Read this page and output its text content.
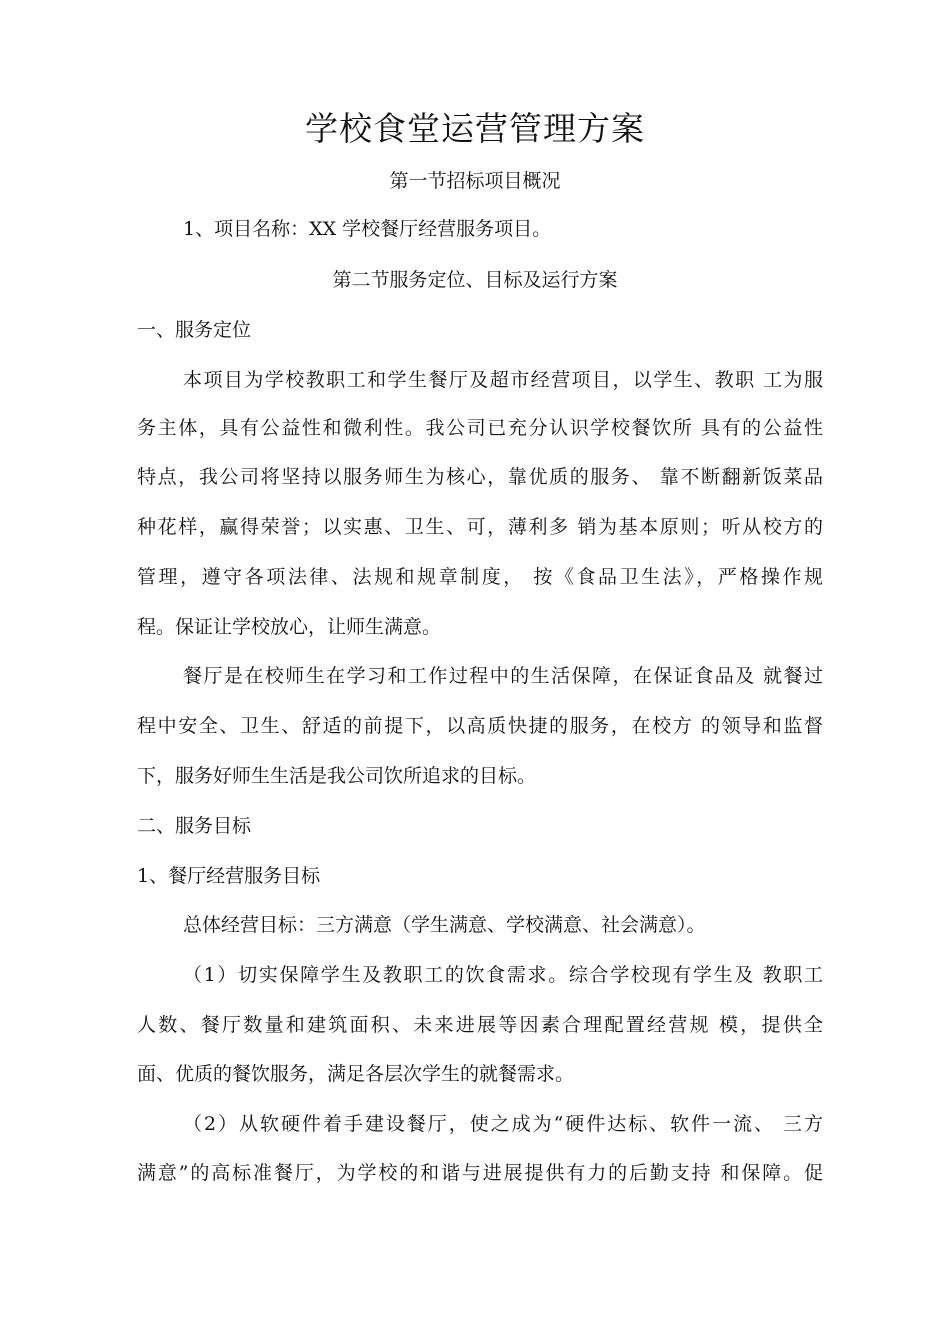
学校食堂运营管理方案
第一节招标项目概况

1、项目名称：XX 学校餐厅经营服务项目。

第二节服务定位、目标及运行方案

一、服务定位

本项目为学校教职工和学生餐厅及超市经营项目，以学生、教职 工为服

务主体，具有公益性和微利性。我公司已充分认识学校餐饮所 具有的公益性

特点，我公司将坚持以服务师生为核心，靠优质的服务、 靠不断翻新饭菜品

种花样，赢得荣誉；以实惠、卫生、可，薄利多 销为基本原则；听从校方的

管理，遵守各项法律、法规和规章制度， 按《食品卫生法》，严格操作规

程。保证让学校放心，让师生满意。

餐厅是在校师生在学习和工作过程中的生活保障，在保证食品及 就餐过

程中安全、卫生、舒适的前提下，以高质快捷的服务，在校方 的领导和监督

下，服务好师生生活是我公司饮所追求的目标。

二、服务目标

1、餐厅经营服务目标

总体经营目标：三方满意（学生满意、学校满意、社会满意）。

（1）切实保障学生及教职工的饮食需求。综合学校现有学生及 教职工

人数、餐厅数量和建筑面积、未来进展等因素合理配置经营规 模，提供全

面、优质的餐饮服务，满足各层次学生的就餐需求。

（2）从软硬件着手建设餐厅，使之成为“硬件达标、软件一流、 三方

满意”的高标准餐厅，为学校的和谐与进展提供有力的后勤支持 和保障。促
